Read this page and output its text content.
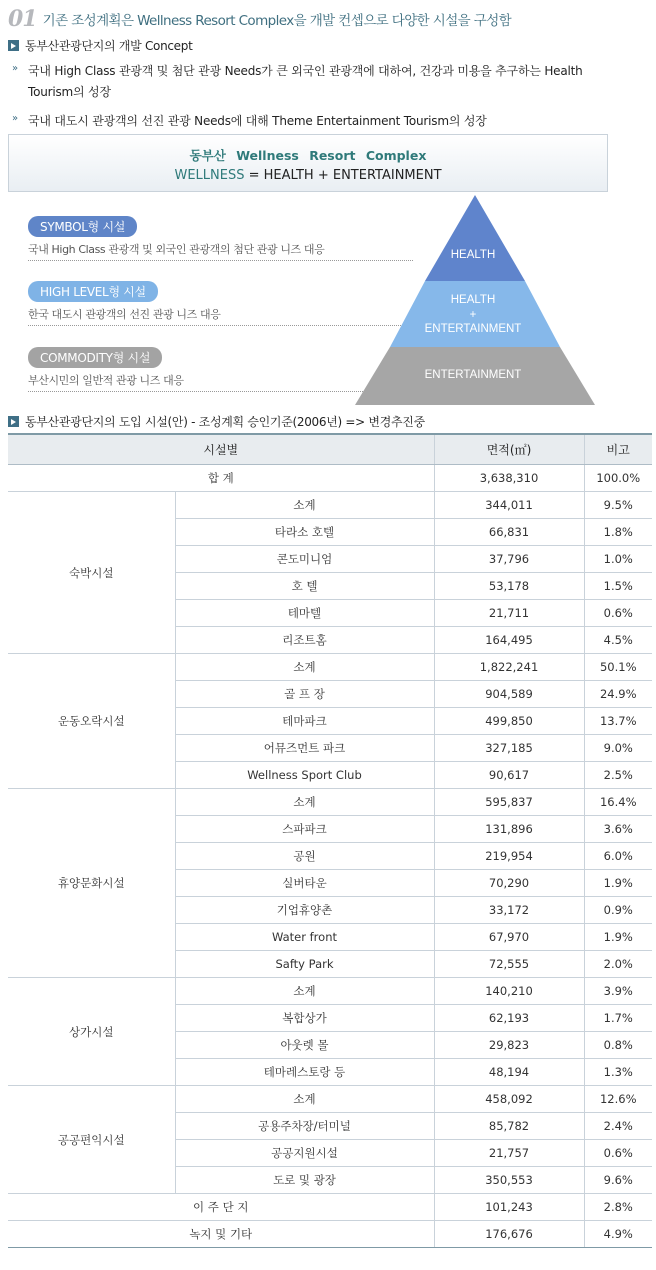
01 기존 조성계획은 Wellness Resort Complex을 개발 컨셉으로 다양한 시설을 구성함
동부산관광단지의 개발 Concept
» 국내 High Class 관광객 및 첨단 관광 Needs가 큰 외국인 관광객에 대하여, 건강과 미용을 추구하는 Health Tourism의 성장
» 국내 대도시 관광객의 선진 관광 Needs에 대해 Theme Entertainment Tourism의 성장
동부산 Wellness Resort Complex
WELLNESS = HEALTH + ENTERTAINMENT
SYMBOL형 시설
국내 High Class 관광객 및 외국인 관광객의 첨단 관광 니즈 대응
HIGH LEVEL형 시설
한국 대도시 관광객의 선진 관광 니즈 대응
COMMODITY형 시설
부산시민의 일반적 관광 니즈 대응
HEALTH
HEALTH
+
ENTERTAINMENT
ENTERTAINMENT
동부산관광단지의 도입 시설(안) - 조성계획 승인기준(2006년) => 변경추진중
시설별		면적(㎡)	비고
합 계		3,638,310	100.0%
숙박시설	소계	344,011	9.5%
	타라소 호텔	66,831	1.8%
	콘도미니엄	37,796	1.0%
	호 텔	53,178	1.5%
	테마텔	21,711	0.6%
	리조트홈	164,495	4.5%
운동오락시설	소계	1,822,241	50.1%
	골 프 장	904,589	24.9%
	테마파크	499,850	13.7%
	어뮤즈먼트 파크	327,185	9.0%
	Wellness Sport Club	90,617	2.5%
휴양문화시설	소계	595,837	16.4%
	스파파크	131,896	3.6%
	공원	219,954	6.0%
	실버타운	70,290	1.9%
	기업휴양촌	33,172	0.9%
	Water front	67,970	1.9%
	Safty Park	72,555	2.0%
상가시설	소계	140,210	3.9%
	복합상가	62,193	1.7%
	아웃렛 몰	29,823	0.8%
	테마레스토랑 등	48,194	1.3%
공공편익시설	소계	458,092	12.6%
	공용주차장/터미널	85,782	2.4%
	공공지원시설	21,757	0.6%
	도로 및 광장	350,553	9.6%
이 주 단 지		101,243	2.8%
녹지 및 기타		176,676	4.9%
